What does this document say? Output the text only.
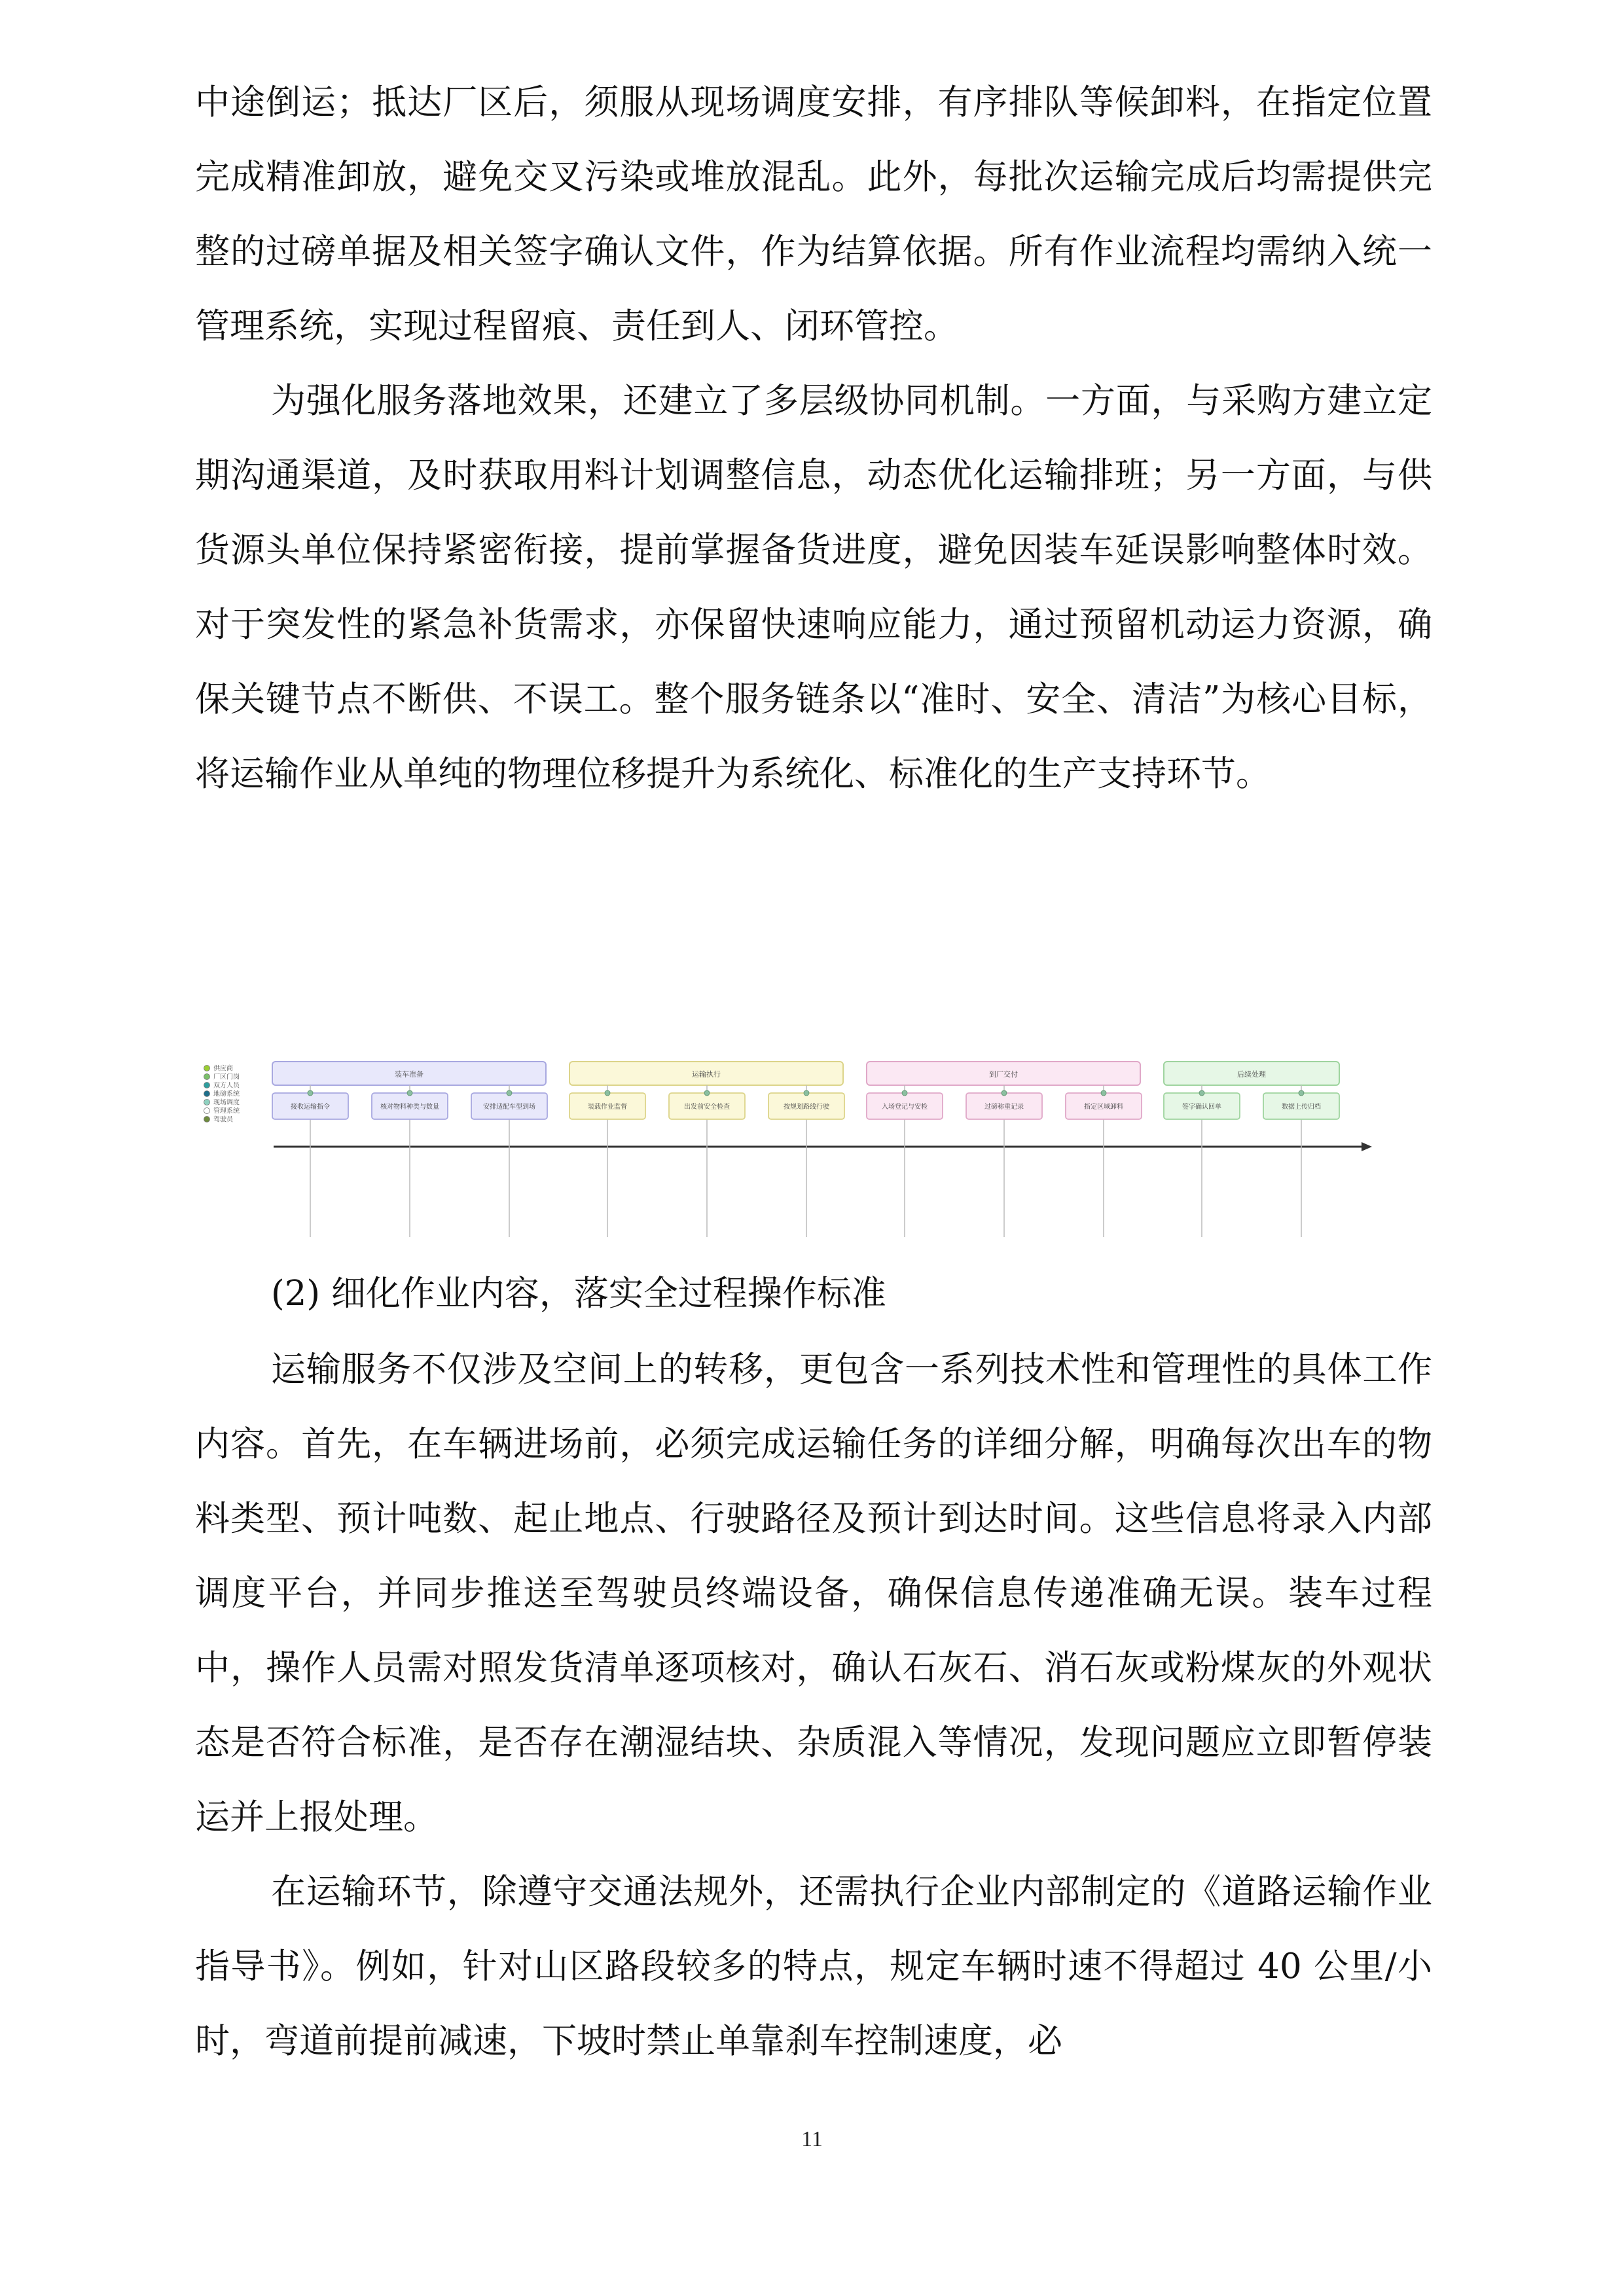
中途倒运；抵达厂区后，须服从现场调度安排，有序排队等候卸料，在指定位置完成精准卸放，避免交叉污染或堆放混乱。此外，每批次运输完成后均需提供完整的过磅单据及相关签字确认文件，作为结算依据。所有作业流程均需纳入统一管理系统，实现过程留痕、责任到人、闭环管控。

为强化服务落地效果，还建立了多层级协同机制。一方面，与采购方建立定期沟通渠道，及时获取用料计划调整信息，动态优化运输排班；另一方面，与供货源头单位保持紧密衔接，提前掌握备货进度，避免因装车延误影响整体时效。对于突发性的紧急补货需求，亦保留快速响应能力，通过预留机动运力资源，确保关键节点不断供、不误工。整个服务链条以“准时、安全、清洁”为核心目标，将运输作业从单纯的物理位移提升为系统化、标准化的生产支持环节。

供应商
厂区门岗
双方人员
地磅系统
现场调度
管理系统
驾驶员
装车准备
接收运输指令	核对物料种类与数量	安排适配车型到场
运输执行
装载作业监督	出发前安全检查	按规划路线行驶
到厂交付
入场登记与安检	过磅称重记录	指定区域卸料
后续处理
签字确认回单	数据上传归档

(2) 细化作业内容，落实全过程操作标准

运输服务不仅涉及空间上的转移，更包含一系列技术性和管理性的具体工作内容。首先，在车辆进场前，必须完成运输任务的详细分解，明确每次出车的物料类型、预计吨数、起止地点、行驶路径及预计到达时间。这些信息将录入内部调度平台，并同步推送至驾驶员终端设备，确保信息传递准确无误。装车过程中，操作人员需对照发货清单逐项核对，确认石灰石、消石灰或粉煤灰的外观状态是否符合标准，是否存在潮湿结块、杂质混入等情况，发现问题应立即暂停装运并上报处理。

在运输环节，除遵守交通法规外，还需执行企业内部制定的《道路运输作业指导书》。例如，针对山区路段较多的特点，规定车辆时速不得超过 40 公里/小时，弯道前提前减速，下坡时禁止单靠刹车控制速度，必

11
